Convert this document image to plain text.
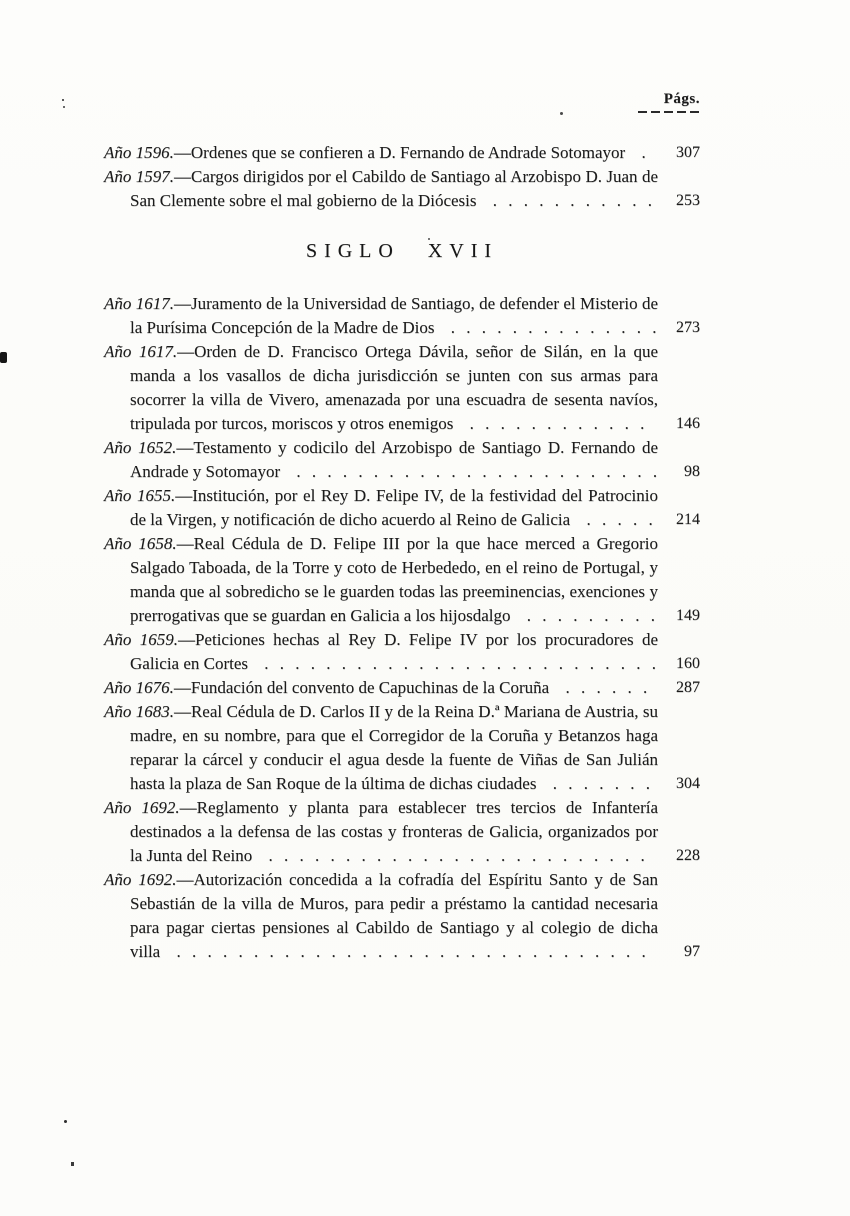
Págs.

Año 1596.—Ordenes que se confieren a D. Fernando de Andrade Sotomayor .	307

Año 1597.—Cargos dirigidos por el Cabildo de Santiago al Arzobispo D. Juan de San Clemente sobre el mal gobierno de la Diócesis . . . . . . . . . . .	253

SIGLO XVII

Año 1617.—Juramento de la Universidad de Santiago, de defender el Misterio de la Purísima Concepción de la Madre de Dios . . . . . . . . . . . . . .	273

Año 1617.—Orden de D. Francisco Ortega Dávila, señor de Silán, en la que manda a los vasallos de dicha jurisdicción se junten con sus armas para socorrer la villa de Vivero, amenazada por una escuadra de sesenta navíos, tripulada por turcos, moriscos y otros enemigos . . . . . . . . . . . .	146

Año 1652.—Testamento y codicilo del Arzobispo de Santiago D. Fernando de Andrade y Sotomayor . . . . . . . . . . . . . . . . . . . . . . . .	98

Año 1655.—Institución, por el Rey D. Felipe IV, de la festividad del Patrocinio de la Virgen, y notificación de dicho acuerdo al Reino de Galicia . . . . .	214

Año 1658.—Real Cédula de D. Felipe III por la que hace merced a Gregorio Salgado Taboada, de la Torre y coto de Herbededo, en el reino de Portugal, y manda que al sobredicho se le guarden todas las preeminencias, exenciones y prerrogativas que se guardan en Galicia a los hijosdalgo . . . . . . . . .	149

Año 1659.—Peticiones hechas al Rey D. Felipe IV por los procuradores de Galicia en Cortes . . . . . . . . . . . . . . . . . . . . . . . . . .	160

Año 1676.—Fundación del convento de Capuchinas de la Coruña . . . . . .	287

Año 1683.—Real Cédula de D. Carlos II y de la Reina D.ª Mariana de Austria, su madre, en su nombre, para que el Corregidor de la Coruña y Betanzos haga reparar la cárcel y conducir el agua desde la fuente de Viñas de San Julián hasta la plaza de San Roque de la última de dichas ciudades . . . . . . .	304

Año 1692.—Reglamento y planta para establecer tres tercios de Infantería destinados a la defensa de las costas y fronteras de Galicia, organizados por la Junta del Reino . . . . . . . . . . . . . . . . . . . . . . . . .	228

Año 1692.—Autorización concedida a la cofradía del Espíritu Santo y de San Sebastián de la villa de Muros, para pedir a préstamo la cantidad necesaria para pagar ciertas pensiones al Cabildo de Santiago y al colegio de dicha villa . . . . . . . . . . . . . . . . . . . . . . . . . . . . . . .	97
